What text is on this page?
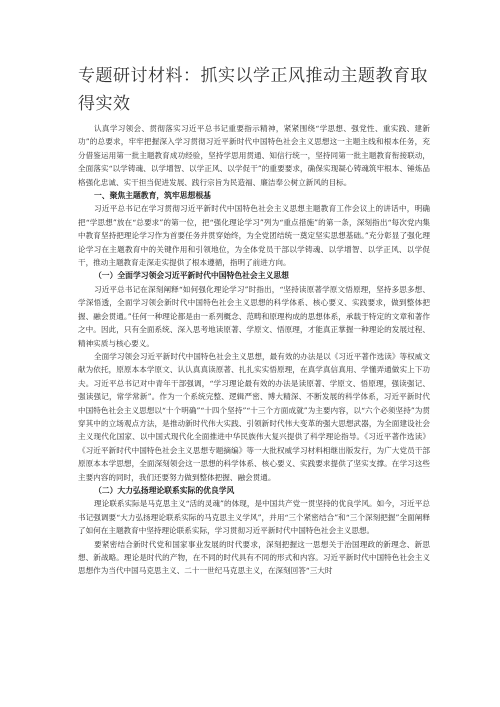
专题研讨材料：抓实以学正风推动主题教育取得实效

认真学习领会、贯彻落实习近平总书记重要指示精神，紧紧围绕“学思想、强党性、重实践、建新功”的总要求，牢牢把握深入学习贯彻习近平新时代中国特色社会主义思想这一主题主线和根本任务，充分借鉴运用第一批主题教育成功经验，坚持学思用贯通、知信行统一，坚持同第一批主题教育衔接联动，全面落实“以学铸魂、以学增智、以学正风、以学促干”的重要要求，确保实现凝心铸魂筑牢根本、锤炼品格强化忠诚、实干担当促进发展、践行宗旨为民造福、廉洁奉公树立新风的目标。

一、聚焦主题教育，筑牢思想根基

习近平总书记在学习贯彻习近平新时代中国特色社会主义思想主题教育工作会议上的讲话中，明确把“学思想”放在“总要求”的第一位，把“强化理论学习”列为“重点措施”的第一条，深刻指出“每次党内集中教育坚持把理论学习作为首要任务并贯穿始终，为全党团结统一奠定坚实思想基础。”充分彰显了强化理论学习在主题教育中的关键作用和引领地位，为全体党员干部以学铸魂、以学增智、以学正风、以学促干，推动主题教育走深走实提供了根本遵循，指明了前进方向。

（一）全面学习领会习近平新时代中国特色社会主义思想

习近平总书记在深刻阐释“如何强化理论学习”时指出，“坚持读原著学原文悟原理，坚持多思多想、学深悟透，全面学习领会新时代中国特色社会主义思想的科学体系、核心要义、实践要求，做到整体把握、融会贯通。”任何一种理论都是由一系列概念、范畴和原理构成的思想体系，承载于特定的文章和著作之中。因此，只有全面系统、深入思考地读原著、学原文、悟原理，才能真正掌握一种理论的发展过程、精神实质与核心要义。

全面学习领会习近平新时代中国特色社会主义思想，最有效的办法是以《习近平著作选读》等权威文献为依托，原原本本学原文、认认真真读原著、扎扎实实悟原理，在真学真信真用、学懂弄通做实上下功夫。习近平总书记对中青年干部强调，“学习理论最有效的办法是读原著、学原文、悟原理，强读强记、强读强记，常学常新”。作为一个系统完整、逻辑严密、博大精深、不断发展的科学体系，习近平新时代中国特色社会主义思想以“十个明确”“十四个坚持”“十三个方面成就”为主要内容，以“六个必须坚持”为贯穿其中的立场观点方法，是推动新时代伟大实践、引领新时代伟大变革的强大思想武器，为全面建设社会主义现代化国家、以中国式现代化全面推进中华民族伟大复兴提供了科学理论指导。《习近平著作选读》《习近平新时代中国特色社会主义思想专题摘编》等一大批权威学习材料相继出版发行，为广大党员干部原原本本学思想，全面深刻领会这一思想的科学体系、核心要义、实践要求提供了坚实支撑。在学习这些主要内容的同时，我们还要努力做到整体把握、融会贯通。

（二）大力弘扬理论联系实际的优良学风

理论联系实际是马克思主义“活的灵魂”的体现，是中国共产党一贯坚持的优良学风。如今，习近平总书记强调要“大力弘扬理论联系实际的马克思主义学风”，并用“三个紧密结合”和“三个深刻把握”全面阐释了如何在主题教育中坚持理论联系实际，学习贯彻习近平新时代中国特色社会主义思想。

要紧密结合新时代党和国家事业发展的时代要求，深刻把握这一思想关于治国理政的新理念、新思想、新战略。理论是时代的产物，在不同的时代具有不同的形式和内容。习近平新时代中国特色社会主义思想作为当代中国马克思主义、二十一世纪马克思主义，在深刻回答“三大时
